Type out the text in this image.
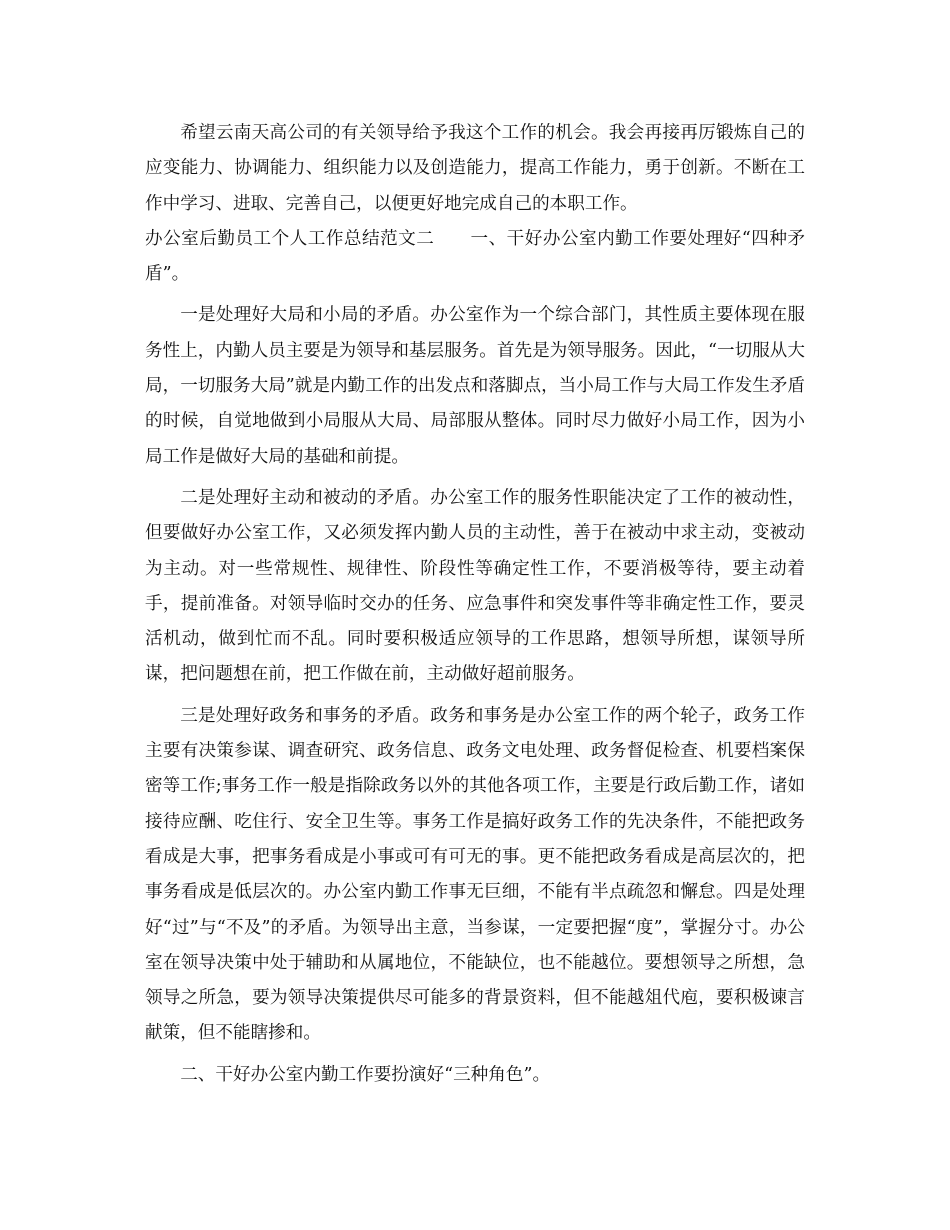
希望云南天高公司的有关领导给予我这个工作的机会。我会再接再厉锻炼自己的应变能力、协调能力、组织能力以及创造能力，提高工作能力，勇于创新。不断在工作中学习、进取、完善自己，以便更好地完成自己的本职工作。

办公室后勤员工个人工作总结范文二　　一、干好办公室内勤工作要处理好“四种矛盾”。

一是处理好大局和小局的矛盾。办公室作为一个综合部门，其性质主要体现在服务性上，内勤人员主要是为领导和基层服务。首先是为领导服务。因此，“一切服从大局，一切服务大局”就是内勤工作的出发点和落脚点，当小局工作与大局工作发生矛盾的时候，自觉地做到小局服从大局、局部服从整体。同时尽力做好小局工作，因为小局工作是做好大局的基础和前提。

二是处理好主动和被动的矛盾。办公室工作的服务性职能决定了工作的被动性，但要做好办公室工作，又必须发挥内勤人员的主动性，善于在被动中求主动，变被动为主动。对一些常规性、规律性、阶段性等确定性工作，不要消极等待，要主动着手，提前准备。对领导临时交办的任务、应急事件和突发事件等非确定性工作，要灵活机动，做到忙而不乱。同时要积极适应领导的工作思路，想领导所想，谋领导所谋，把问题想在前，把工作做在前，主动做好超前服务。

三是处理好政务和事务的矛盾。政务和事务是办公室工作的两个轮子，政务工作主要有决策参谋、调查研究、政务信息、政务文电处理、政务督促检查、机要档案保密等工作;事务工作一般是指除政务以外的其他各项工作，主要是行政后勤工作，诸如接待应酬、吃住行、安全卫生等。事务工作是搞好政务工作的先决条件，不能把政务看成是大事，把事务看成是小事或可有可无的事。更不能把政务看成是高层次的，把事务看成是低层次的。办公室内勤工作事无巨细，不能有半点疏忽和懈怠。四是处理好“过”与“不及”的矛盾。为领导出主意，当参谋，一定要把握“度”，掌握分寸。办公室在领导决策中处于辅助和从属地位，不能缺位，也不能越位。要想领导之所想，急领导之所急，要为领导决策提供尽可能多的背景资料，但不能越俎代庖，要积极谏言献策，但不能瞎掺和。

二、干好办公室内勤工作要扮演好“三种角色”。
